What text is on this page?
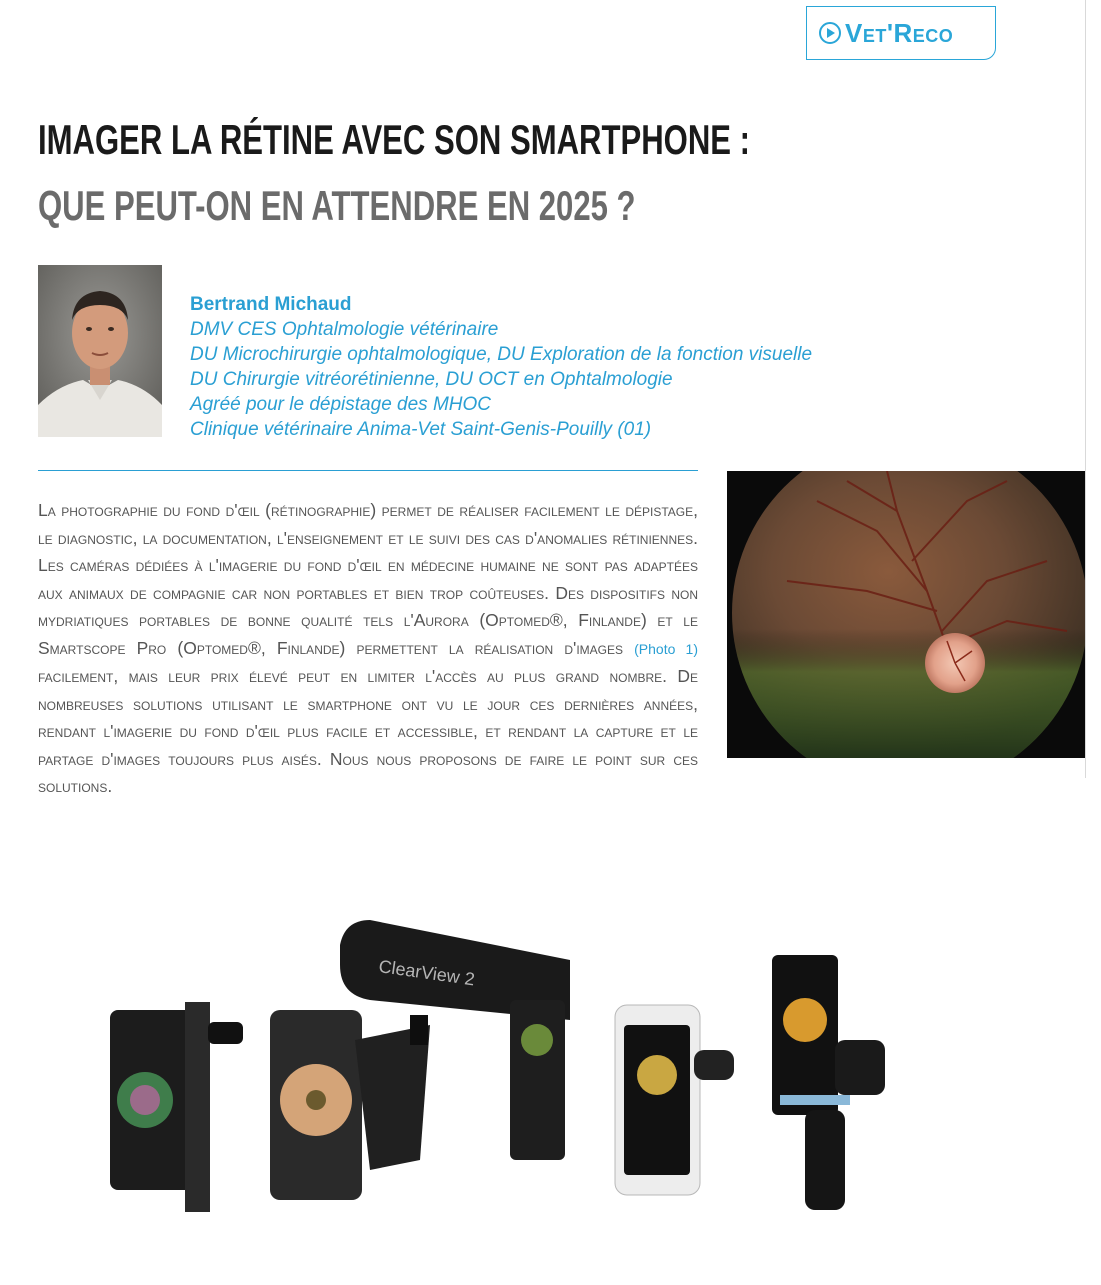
Vet'Reco
IMAGER LA RÉTINE AVEC SON SMARTPHONE :
QUE PEUT-ON EN ATTENDRE EN 2025 ?
Bertrand Michaud
DMV CES Ophtalmologie vétérinaire
DU Microchirurgie ophtalmologique, DU Exploration de la fonction visuelle
DU Chirurgie vitréorétinienne, DU OCT en Ophtalmologie
Agréé pour le dépistage des MHOC
Clinique vétérinaire Anima-Vet Saint-Genis-Pouilly (01)
La photographie du fond d'œil (rétinographie) permet de réaliser facilement le dépistage, le diagnostic, la documentation, l'enseignement et le suivi des cas d'anomalies rétiniennes. Les caméras dédiées à l'imagerie du fond d'œil en médecine humaine ne sont pas adaptées aux animaux de compagnie car non portables et bien trop coûteuses. Des dispositifs non mydriatiques portables de bonne qualité tels l'Aurora (Optomed®, Finlande) et le Smartscope Pro (Optomed®, Finlande) permettent la réalisation d'images (Photo 1) facilement, mais leur prix élevé peut en limiter l'accès au plus grand nombre. De nombreuses solutions utilisant le smartphone ont vu le jour ces dernières années, rendant l'imagerie du fond d'œil plus facile et accessible, et rendant la capture et le partage d'images toujours plus aisés. Nous nous proposons de faire le point sur ces solutions.
ClearView 2
